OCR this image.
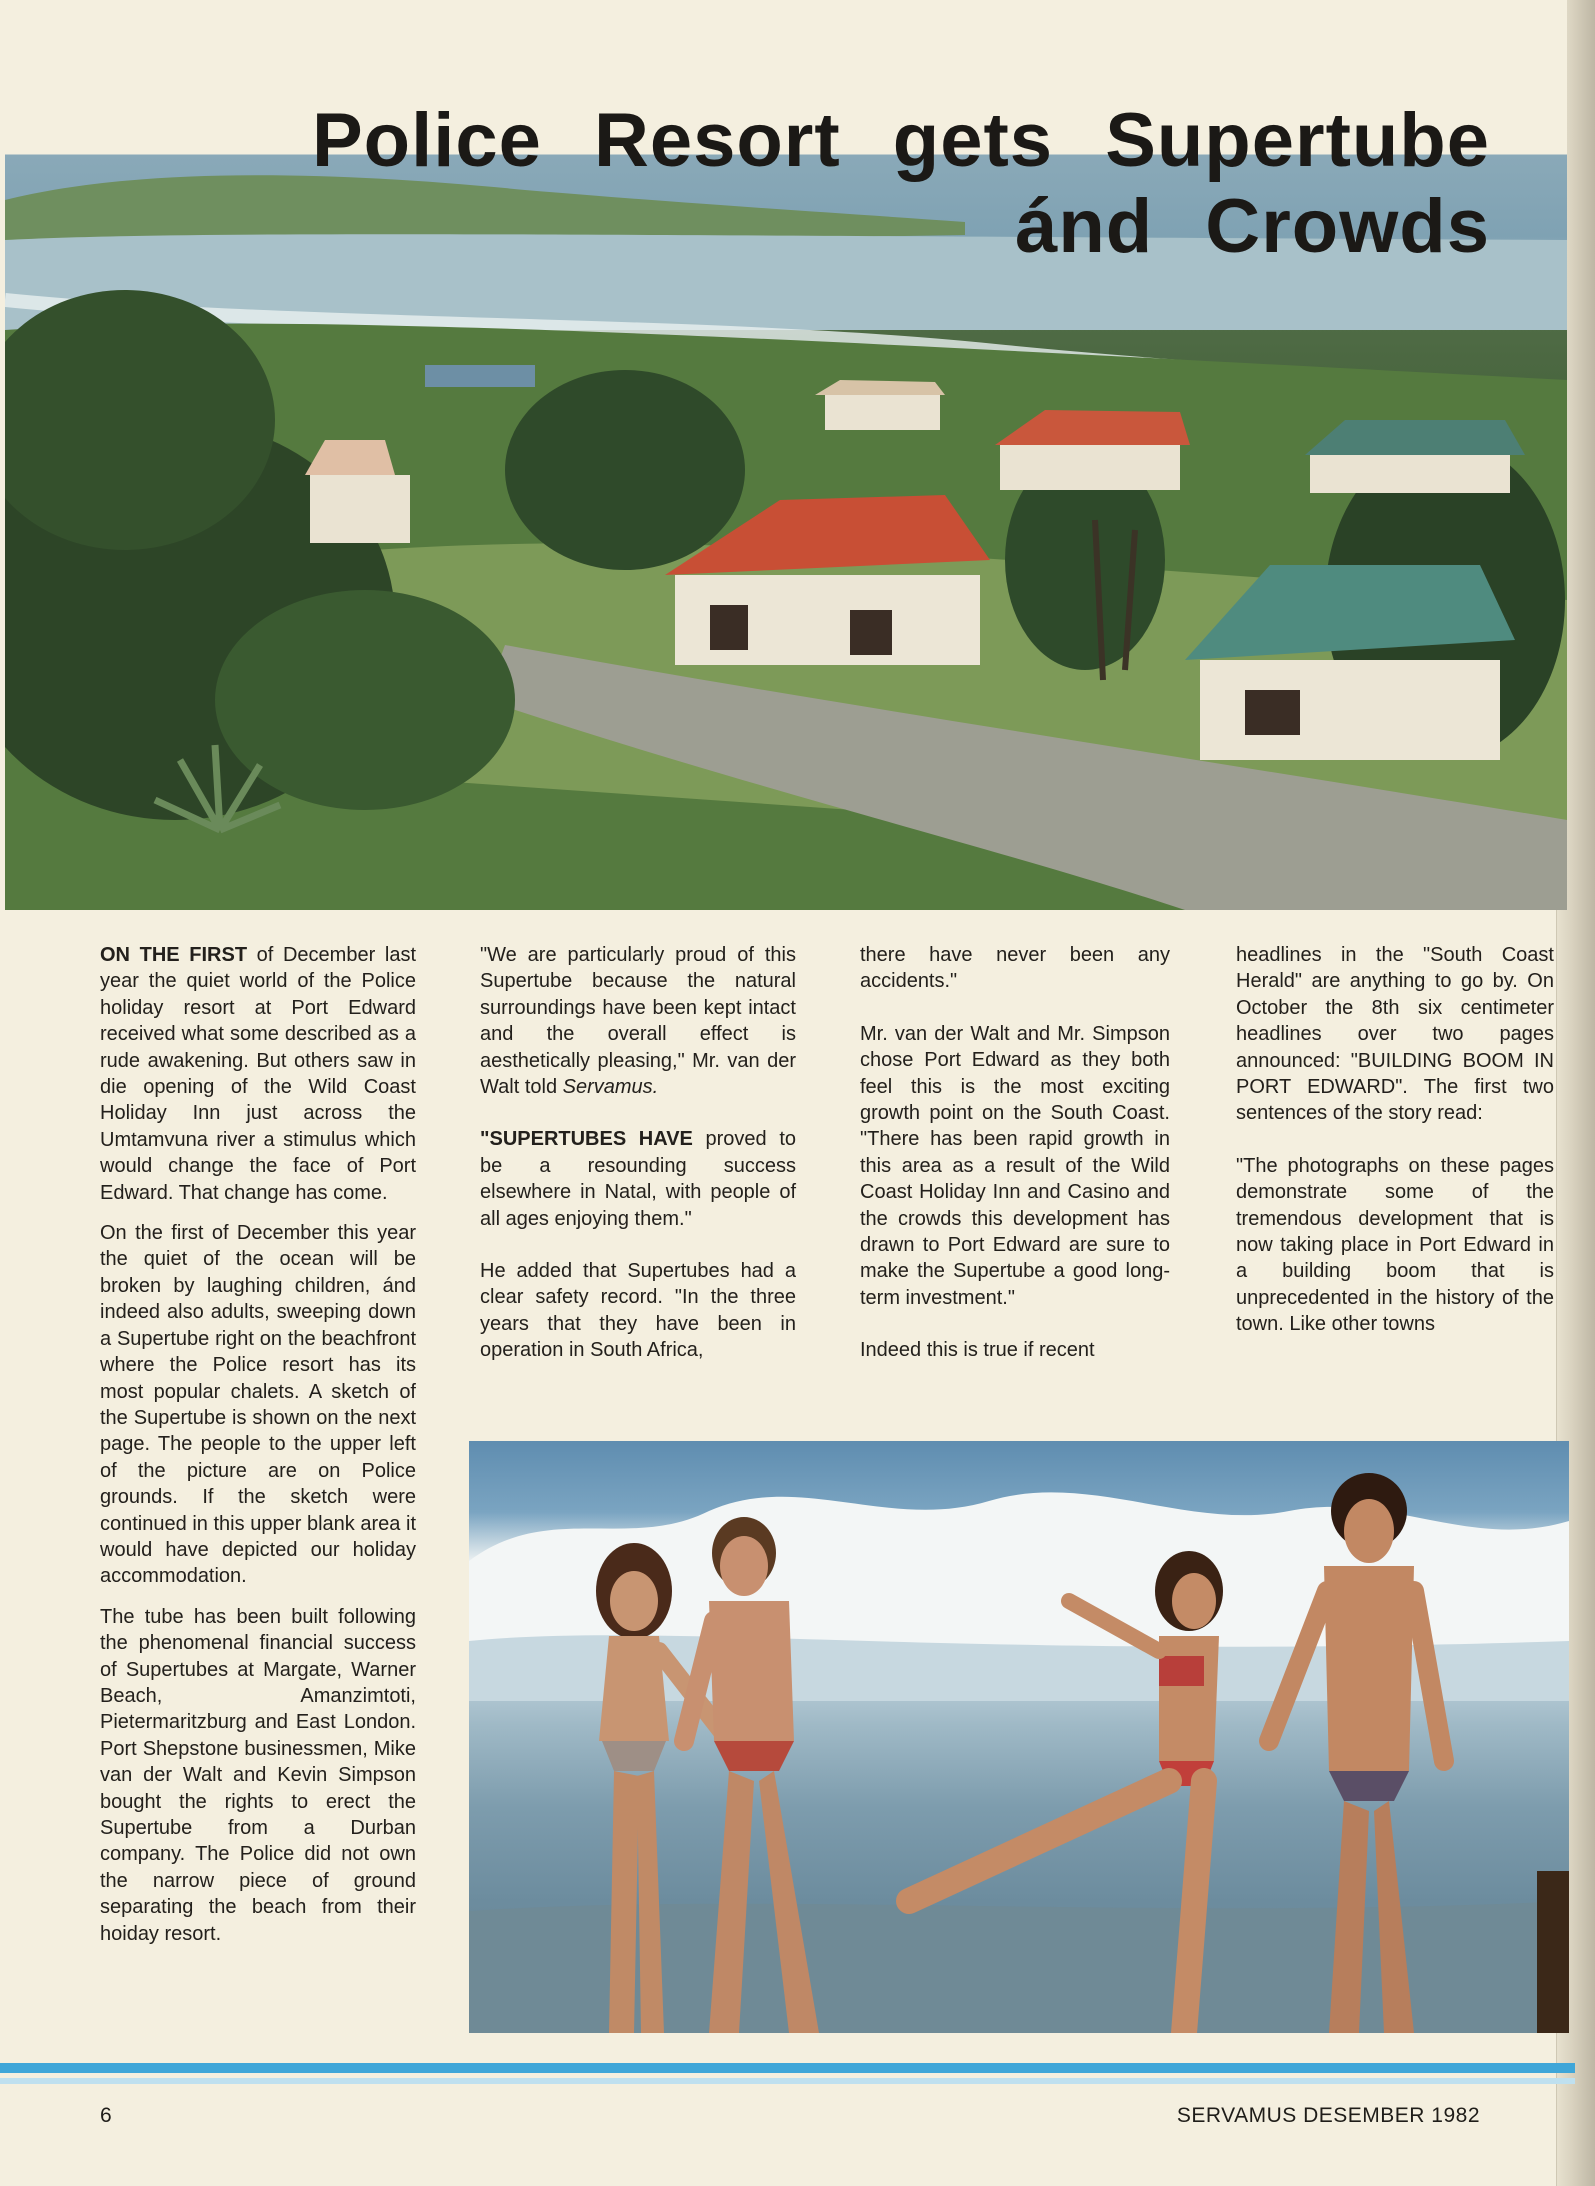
Police Resort gets Supertube
ánd Crowds

ON THE FIRST of December last year the quiet world of the Police holiday resort at Port Edward received what some described as a rude awakening. But others saw in die opening of the Wild Coast Holiday Inn just across the Umtamvuna river a stimulus which would change the face of Port Edward. That change has come.

On the first of December this year the quiet of the ocean will be broken by laughing children, ánd indeed also adults, sweeping down a Supertube right on the beachfront where the Police resort has its most popular chalets. A sketch of the Supertube is shown on the next page. The people to the upper left of the picture are on Police grounds. If the sketch were continued in this upper blank area it would have depicted our holiday accommodation.

The tube has been built following the phenomenal financial success of Supertubes at Margate, Warner Beach, Amanzimtoti, Pietermaritzburg and East London. Port Shepstone businessmen, Mike van der Walt and Kevin Simpson bought the rights to erect the Supertube from a Durban company. The Police did not own the narrow piece of ground separating the beach from their hoiday resort.

"We are particularly proud of this Supertube because the natural surroundings have been kept intact and the overall effect is aesthetically pleasing," Mr. van der Walt told Servamus.

"SUPERTUBES HAVE proved to be a resounding success elsewhere in Natal, with people of all ages enjoying them."

He added that Supertubes had a clear safety record. "In the three years that they have been in operation in South Africa,

there have never been any accidents."

Mr. van der Walt and Mr. Simpson chose Port Edward as they both feel this is the most exciting growth point on the South Coast. "There has been rapid growth in this area as a result of the Wild Coast Holiday Inn and Casino and the crowds this development has drawn to Port Edward are sure to make the Supertube a good long-term investment."

Indeed this is true if recent

headlines in the "South Coast Herald" are anything to go by. On October the 8th six centimeter headlines over two pages announced: "BUILDING BOOM IN PORT EDWARD". The first two sentences of the story read:

"The photographs on these pages demonstrate some of the tremendous development that is now taking place in Port Edward in a building boom that is unprecedented in the history of the town. Like other towns

6	SERVAMUS DESEMBER 1982
